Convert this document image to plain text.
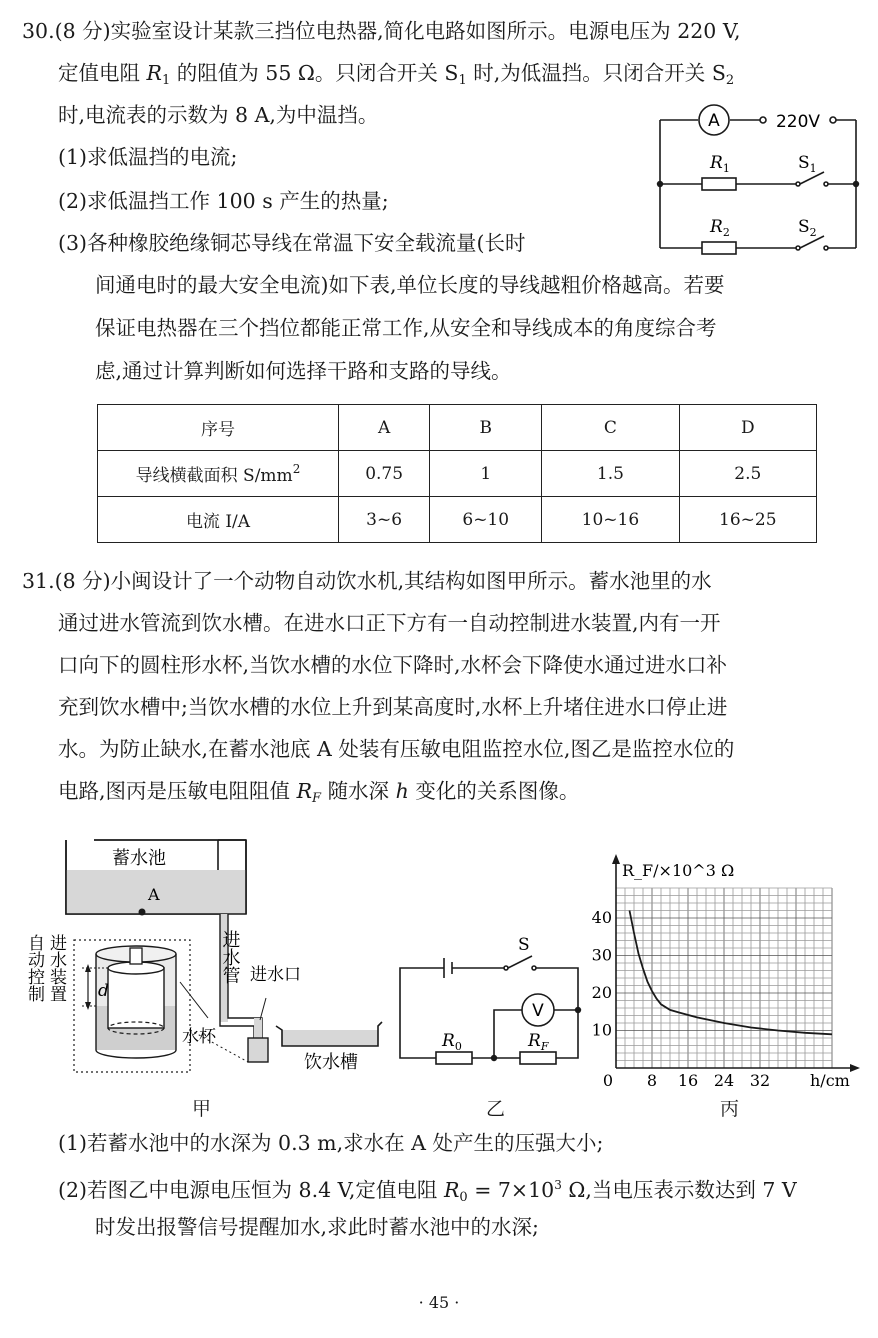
30.(8 分)实验室设计某款三挡位电热器,简化电路如图所示。电源电压为 220 V,
定值电阻 $R_1$ 的阻值为 55 Ω。只闭合开关 $S_1$ 时,为低温挡。只闭合开关 $S_2$
时,电流表的示数为 8 A,为中温挡。
(1)求低温挡的电流;
(2)求低温挡工作 100 s 产生的热量;
(3)各种橡胶绝缘铜芯导线在常温下安全载流量(长时
间通电时的最大安全电流)如下表,单位长度的导线越粗价格越高。若要
保证电热器在三个挡位都能正常工作,从安全和导线成本的角度综合考
虑,通过计算判断如何选择干路和支路的导线。
A	220V
$R_1$	$S_1$
$R_2$	$S_2$
序号	A	B	C	D
导线横截面积 $S/mm^2$	0.75	1	1.5	2.5
电流 I/A	3~6	6~10	10~16	16~25
31.(8 分)小闽设计了一个动物自动饮水机,其结构如图甲所示。蓄水池里的水
通过进水管流到饮水槽。在进水口正下方有一自动控制进水装置,内有一开
口向下的圆柱形水杯,当饮水槽的水位下降时,水杯会下降使水通过进水口补
充到饮水槽中;当饮水槽的水位上升到某高度时,水杯上升堵住进水口停止进
水。为防止缺水,在蓄水池底 A 处装有压敏电阻监控水位,图乙是监控水位的
电路,图丙是压敏电阻阻值 $R_F$ 随水深 h 变化的关系图像。
蓄水池
A
d
水杯
进水口
饮水槽
进水管
自动控制 进水装置
甲
S
V
$R_0$	$R_F$
乙
0 8 16 24 32
10
20
30
40
R_F/×10^3 Ω
h/cm
丙
(1)若蓄水池中的水深为 0.3 m,求水在 A 处产生的压强大小;
(2)若图乙中电源电压恒为 8.4 V,定值电阻 $R_0 = 7\times 10^3$ Ω,当电压表示数达到 7 V
时发出报警信号提醒加水,求此时蓄水池中的水深;
· 45 ·
